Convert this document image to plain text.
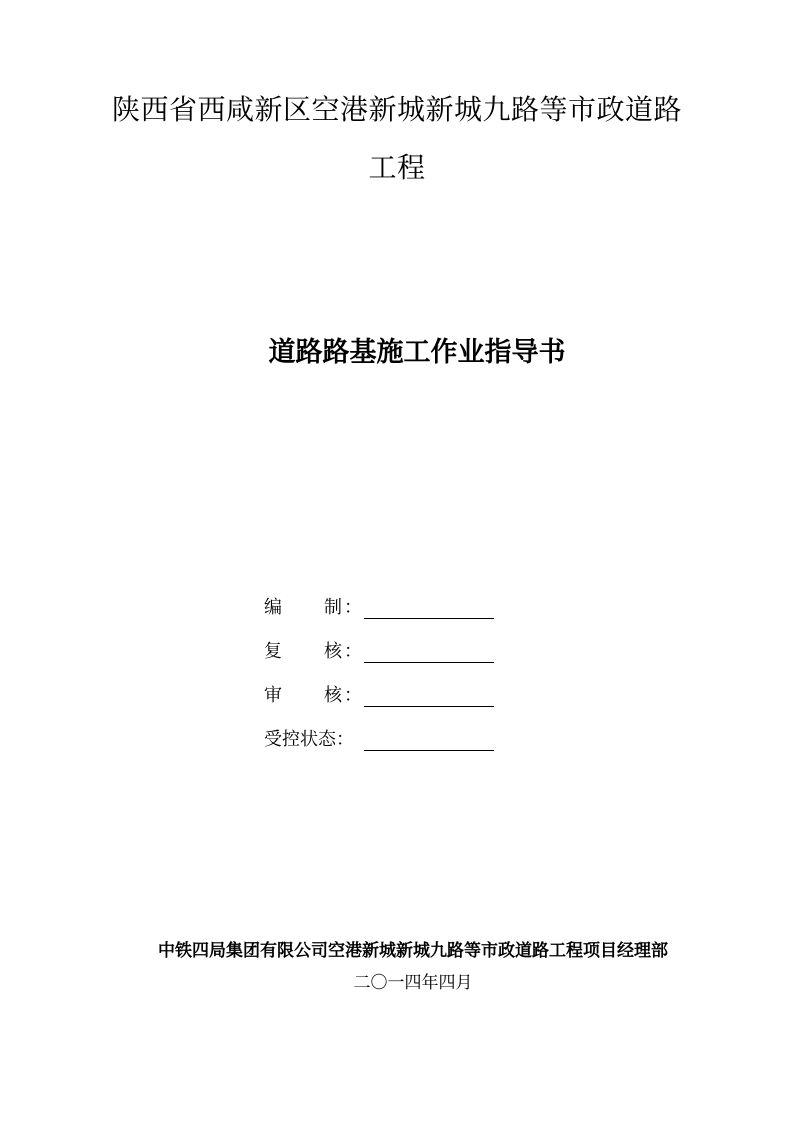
陕西省西咸新区空港新城新城九路等市政道路
工程
道路路基施工作业指导书
编 制 ：
复 核 ：
审 核 ：
受控状态：
中铁四局集团有限公司空港新城新城九路等市政道路工程项目经理部
二〇一四年四月
